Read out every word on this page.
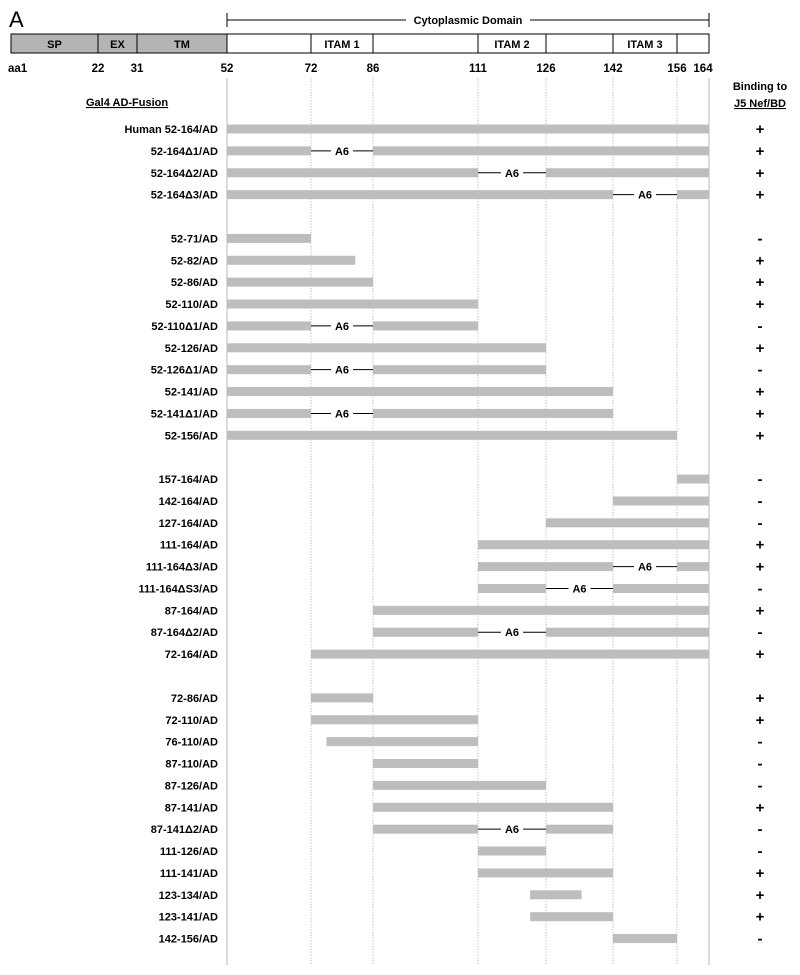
A	Cytoplasmic Domain
SP	EX	TM	ITAM 1	ITAM 2	ITAM 3
aa1	22 31	52	72	86	111	126	142	156 164
Gal4 AD-Fusion
Binding to
J5 Nef/BD
Human 52-164/AD	+
52-164Δ1/AD	A6	+
52-164Δ2/AD	A6	+
52-164Δ3/AD	A6	+
52-71/AD	-
52-82/AD	+
52-86/AD	+
52-110/AD	+
52-110Δ1/AD	A6	-
52-126/AD	+
52-126Δ1/AD	A6	-
52-141/AD	+
52-141Δ1/AD	A6	+
52-156/AD	+
157-164/AD	-
142-164/AD	-
127-164/AD	-
111-164/AD	+
111-164Δ3/AD	A6	+
111-164ΔS3/AD	A6	-
87-164/AD	+
87-164Δ2/AD	A6	-
72-164/AD	+
72-86/AD	+
72-110/AD	+
76-110/AD	-
87-110/AD	-
87-126/AD	-
87-141/AD	+
87-141Δ2/AD	A6	-
111-126/AD	-
111-141/AD	+
123-134/AD	+
123-141/AD	+
142-156/AD	-
